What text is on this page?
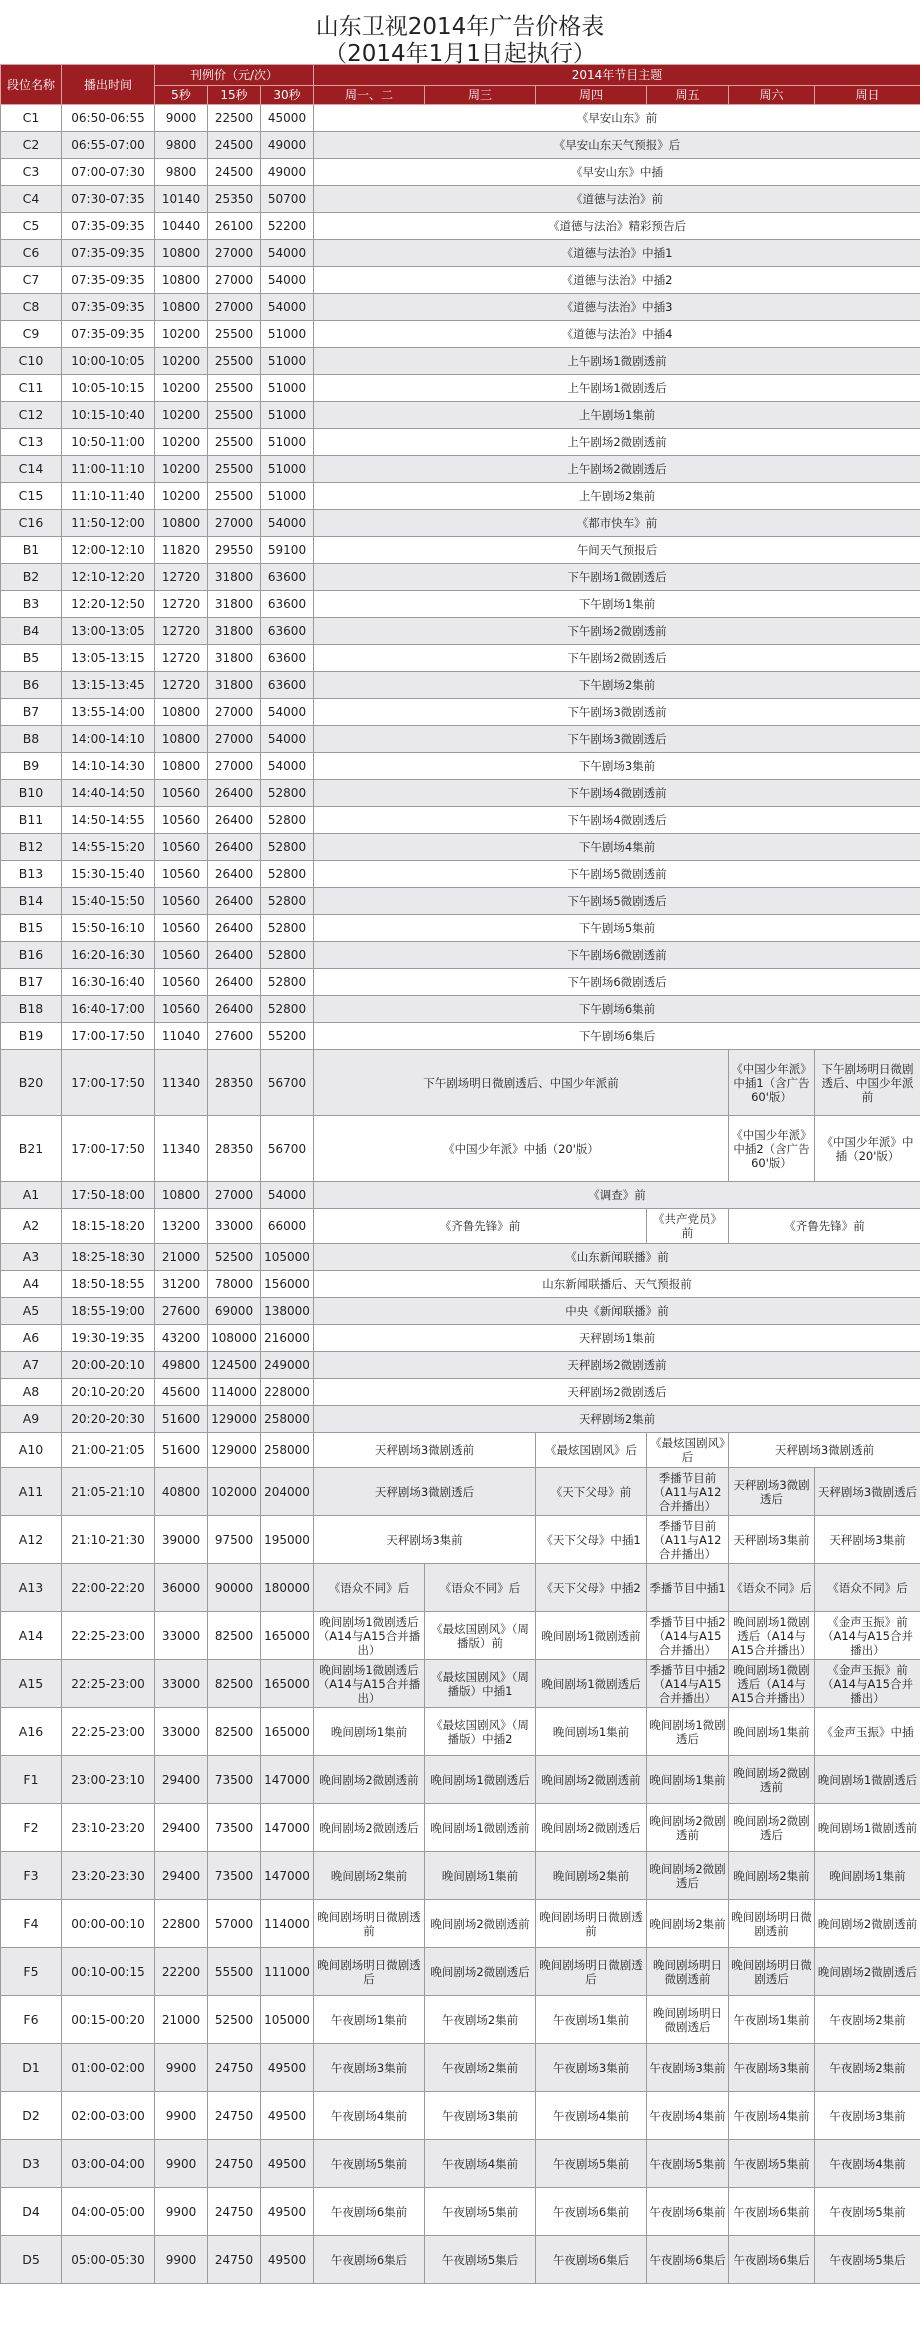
山东卫视2014年广告价格表
（2014年1月1日起执行）
段位名称	播出时间	刊例价（元/次）			2014年节目主题					
		5秒	15秒	30秒	周一、二	周三	周四	周五	周六	周日
C1	06:50-06:55	9000	22500	45000	《早安山东》前					
C2	06:55-07:00	9800	24500	49000	《早安山东天气预报》后					
C3	07:00-07:30	9800	24500	49000	《早安山东》中插					
C4	07:30-07:35	10140	25350	50700	《道德与法治》前					
C5	07:35-09:35	10440	26100	52200	《道德与法治》精彩预告后					
C6	07:35-09:35	10800	27000	54000	《道德与法治》中插1					
C7	07:35-09:35	10800	27000	54000	《道德与法治》中插2					
C8	07:35-09:35	10800	27000	54000	《道德与法治》中插3					
C9	07:35-09:35	10200	25500	51000	《道德与法治》中插4					
C10	10:00-10:05	10200	25500	51000	上午剧场1微剧透前					
C11	10:05-10:15	10200	25500	51000	上午剧场1微剧透后					
C12	10:15-10:40	10200	25500	51000	上午剧场1集前					
C13	10:50-11:00	10200	25500	51000	上午剧场2微剧透前					
C14	11:00-11:10	10200	25500	51000	上午剧场2微剧透后					
C15	11:10-11:40	10200	25500	51000	上午剧场2集前					
C16	11:50-12:00	10800	27000	54000	《都市快车》前					
B1	12:00-12:10	11820	29550	59100	午间天气预报后					
B2	12:10-12:20	12720	31800	63600	下午剧场1微剧透后					
B3	12:20-12:50	12720	31800	63600	下午剧场1集前					
B4	13:00-13:05	12720	31800	63600	下午剧场2微剧透前					
B5	13:05-13:15	12720	31800	63600	下午剧场2微剧透后					
B6	13:15-13:45	12720	31800	63600	下午剧场2集前					
B7	13:55-14:00	10800	27000	54000	下午剧场3微剧透前					
B8	14:00-14:10	10800	27000	54000	下午剧场3微剧透后					
B9	14:10-14:30	10800	27000	54000	下午剧场3集前					
B10	14:40-14:50	10560	26400	52800	下午剧场4微剧透前					
B11	14:50-14:55	10560	26400	52800	下午剧场4微剧透后					
B12	14:55-15:20	10560	26400	52800	下午剧场4集前					
B13	15:30-15:40	10560	26400	52800	下午剧场5微剧透前					
B14	15:40-15:50	10560	26400	52800	下午剧场5微剧透后					
B15	15:50-16:10	10560	26400	52800	下午剧场5集前					
B16	16:20-16:30	10560	26400	52800	下午剧场6微剧透前					
B17	16:30-16:40	10560	26400	52800	下午剧场6微剧透后					
B18	16:40-17:00	10560	26400	52800	下午剧场6集前					
B19	17:00-17:50	11040	27600	55200	下午剧场6集后					
B20	17:00-17:50	11340	28350	56700	下午剧场明日微剧透后、中国少年派前				《中国少年派》中插1（含广告60'版）	下午剧场明日微剧透后、中国少年派前
B21	17:00-17:50	11340	28350	56700	《中国少年派》中插（20'版）				《中国少年派》中插2（含广告60'版）	《中国少年派》中插（20'版）
A1	17:50-18:00	10800	27000	54000	《调查》前					
A2	18:15-18:20	13200	33000	66000	《齐鲁先锋》前			《共产党员》前	《齐鲁先锋》前	
A3	18:25-18:30	21000	52500	105000	《山东新闻联播》前					
A4	18:50-18:55	31200	78000	156000	山东新闻联播后、天气预报前					
A5	18:55-19:00	27600	69000	138000	中央《新闻联播》前					
A6	19:30-19:35	43200	108000	216000	天秤剧场1集前					
A7	20:00-20:10	49800	124500	249000	天秤剧场2微剧透前					
A8	20:10-20:20	45600	114000	228000	天秤剧场2微剧透后					
A9	20:20-20:30	51600	129000	258000	天秤剧场2集前					
A10	21:00-21:05	51600	129000	258000	天秤剧场3微剧透前		《最炫国剧风》后	《最炫国剧风》后	天秤剧场3微剧透前	
A11	21:05-21:10	40800	102000	204000	天秤剧场3微剧透后		《天下父母》前	季播节目前（A11与A12合并播出）	天秤剧场3微剧透后	天秤剧场3微剧透后
A12	21:10-21:30	39000	97500	195000	天秤剧场3集前		《天下父母》中插1	季播节目前（A11与A12合并播出）	天秤剧场3集前	天秤剧场3集前
A13	22:00-22:20	36000	90000	180000	《语众不同》后	《语众不同》后	《天下父母》中插2	季播节目中插1	《语众不同》后	《语众不同》后
A14	22:25-23:00	33000	82500	165000	晚间剧场1微剧透后（A14与A15合并播出）	《最炫国剧风》（周播版）前	晚间剧场1微剧透前	季播节目中插2（A14与A15合并播出）	晚间剧场1微剧透后（A14与A15合并播出）	《金声玉振》前（A14与A15合并播出）
A15	22:25-23:00	33000	82500	165000	晚间剧场1微剧透后（A14与A15合并播出）	《最炫国剧风》（周播版）中插1	晚间剧场1微剧透后	季播节目中插2（A14与A15合并播出）	晚间剧场1微剧透后（A14与A15合并播出）	《金声玉振》前（A14与A15合并播出）
A16	22:25-23:00	33000	82500	165000	晚间剧场1集前	《最炫国剧风》（周播版）中插2	晚间剧场1集前	晚间剧场1微剧透后	晚间剧场1集前	《金声玉振》中插
F1	23:00-23:10	29400	73500	147000	晚间剧场2微剧透前	晚间剧场1微剧透后	晚间剧场2微剧透前	晚间剧场1集前	晚间剧场2微剧透前	晚间剧场1微剧透后
F2	23:10-23:20	29400	73500	147000	晚间剧场2微剧透后	晚间剧场1微剧透前	晚间剧场2微剧透后	晚间剧场2微剧透前	晚间剧场2微剧透后	晚间剧场1微剧透前
F3	23:20-23:30	29400	73500	147000	晚间剧场2集前	晚间剧场1集前	晚间剧场2集前	晚间剧场2微剧透后	晚间剧场2集前	晚间剧场1集前
F4	00:00-00:10	22800	57000	114000	晚间剧场明日微剧透前	晚间剧场2微剧透前	晚间剧场明日微剧透前	晚间剧场2集前	晚间剧场明日微剧透前	晚间剧场2微剧透前
F5	00:10-00:15	22200	55500	111000	晚间剧场明日微剧透后	晚间剧场2微剧透后	晚间剧场明日微剧透后	晚间剧场明日微剧透前	晚间剧场明日微剧透后	晚间剧场2微剧透后
F6	00:15-00:20	21000	52500	105000	午夜剧场1集前	午夜剧场2集前	午夜剧场1集前	晚间剧场明日微剧透后	午夜剧场1集前	午夜剧场2集前
D1	01:00-02:00	9900	24750	49500	午夜剧场3集前	午夜剧场2集前	午夜剧场3集前	午夜剧场3集前	午夜剧场3集前	午夜剧场2集前
D2	02:00-03:00	9900	24750	49500	午夜剧场4集前	午夜剧场3集前	午夜剧场4集前	午夜剧场4集前	午夜剧场4集前	午夜剧场3集前
D3	03:00-04:00	9900	24750	49500	午夜剧场5集前	午夜剧场4集前	午夜剧场5集前	午夜剧场5集前	午夜剧场5集前	午夜剧场4集前
D4	04:00-05:00	9900	24750	49500	午夜剧场6集前	午夜剧场5集前	午夜剧场6集前	午夜剧场6集前	午夜剧场6集前	午夜剧场5集前
D5	05:00-05:30	9900	24750	49500	午夜剧场6集后	午夜剧场5集后	午夜剧场6集后	午夜剧场6集后	午夜剧场6集后	午夜剧场5集后
